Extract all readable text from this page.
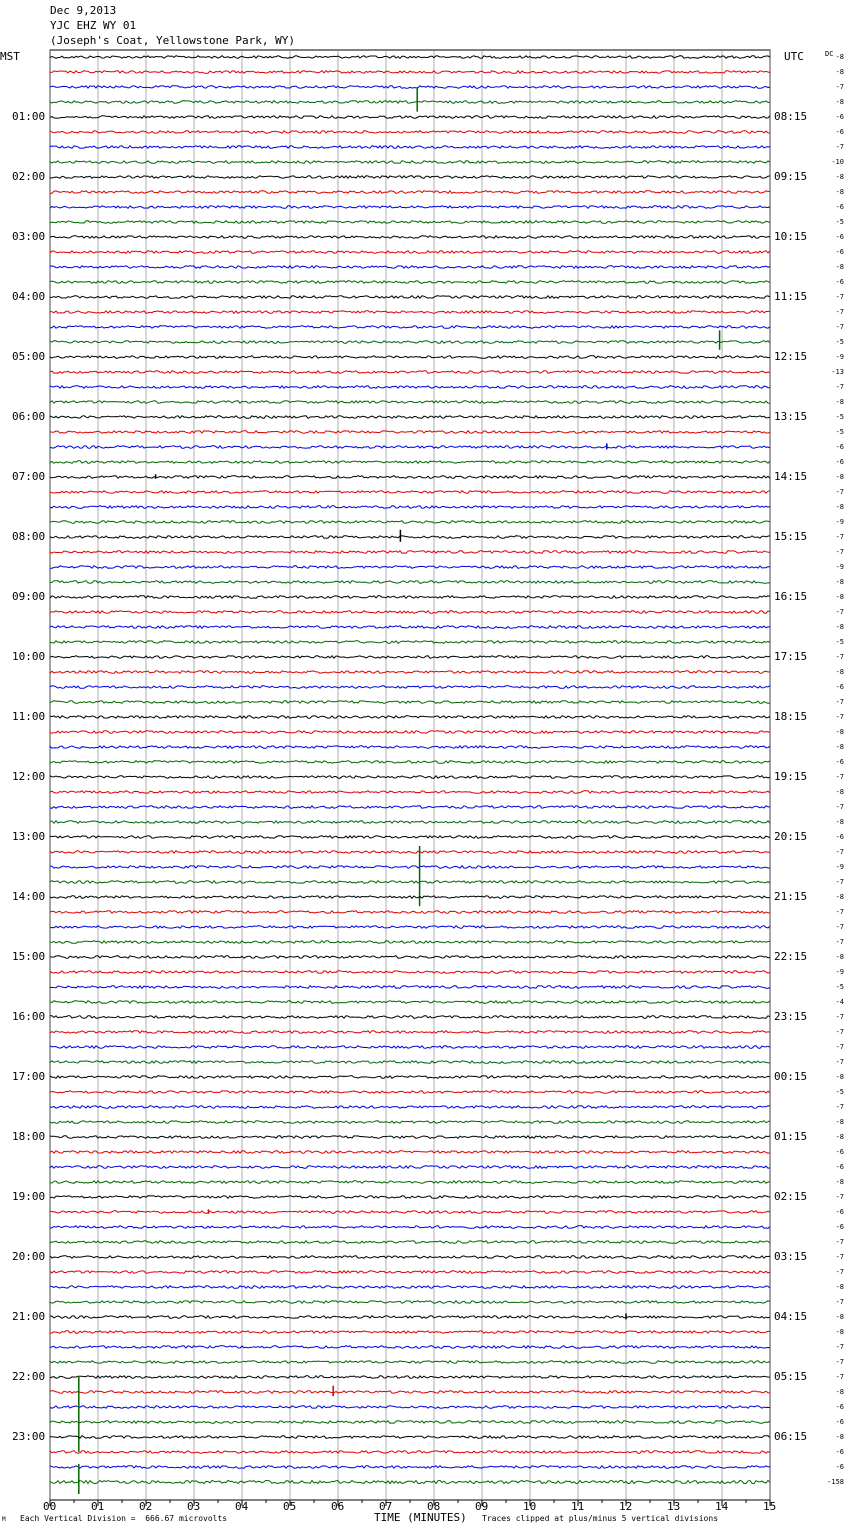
Dec 9,2013
YJC EHZ WY 01
(Joseph's Coat, Yellowstone Park, WY)
MST	UTC	DC
01:00
02:00
03:00
04:00
05:00
06:00
07:00
08:00
09:00
10:00
11:00
12:00
13:00
14:00
15:00
16:00
17:00
18:00
19:00
20:00
21:00
22:00
23:00
08:15
09:15
10:15
11:15
12:15
13:15
14:15
15:15
16:15
17:15
18:15
19:15
20:15
21:15
22:15
23:15
00:15
01:15
02:15
03:15
04:15
05:15
06:15
-8
-8
-7
-8
-6
-6
-7
-10
-8
-8
-6
-5
-6
-6
-8
-6
-7
-7
-7
-5
-9
-13
-7
-8
-5
-5
-6
-6
-8
-7
-8
-9
-7
-7
-9
-8
-8
-7
-8
-5
-7
-8
-6
-7
-7
-8
-8
-6
-7
-8
-7
-8
-6
-7
-9
-7
-8
-7
-7
-7
-8
-9
-5
-4
-7
-7
-7
-7
-8
-5
-7
-8
-8
-6
-6
-8
-7
-6
-6
-7
-7
-7
-8
-7
-8
-8
-7
-7
-7
-8
-6
-6
-8
-6
-6
-158
00	01	02	03	04	05	06	07	08	09	10	11	12	13	14	15
M Each Vertical Division =  666.67 microvolts	TIME (MINUTES) Traces clipped at plus/minus 5 vertical divisions
